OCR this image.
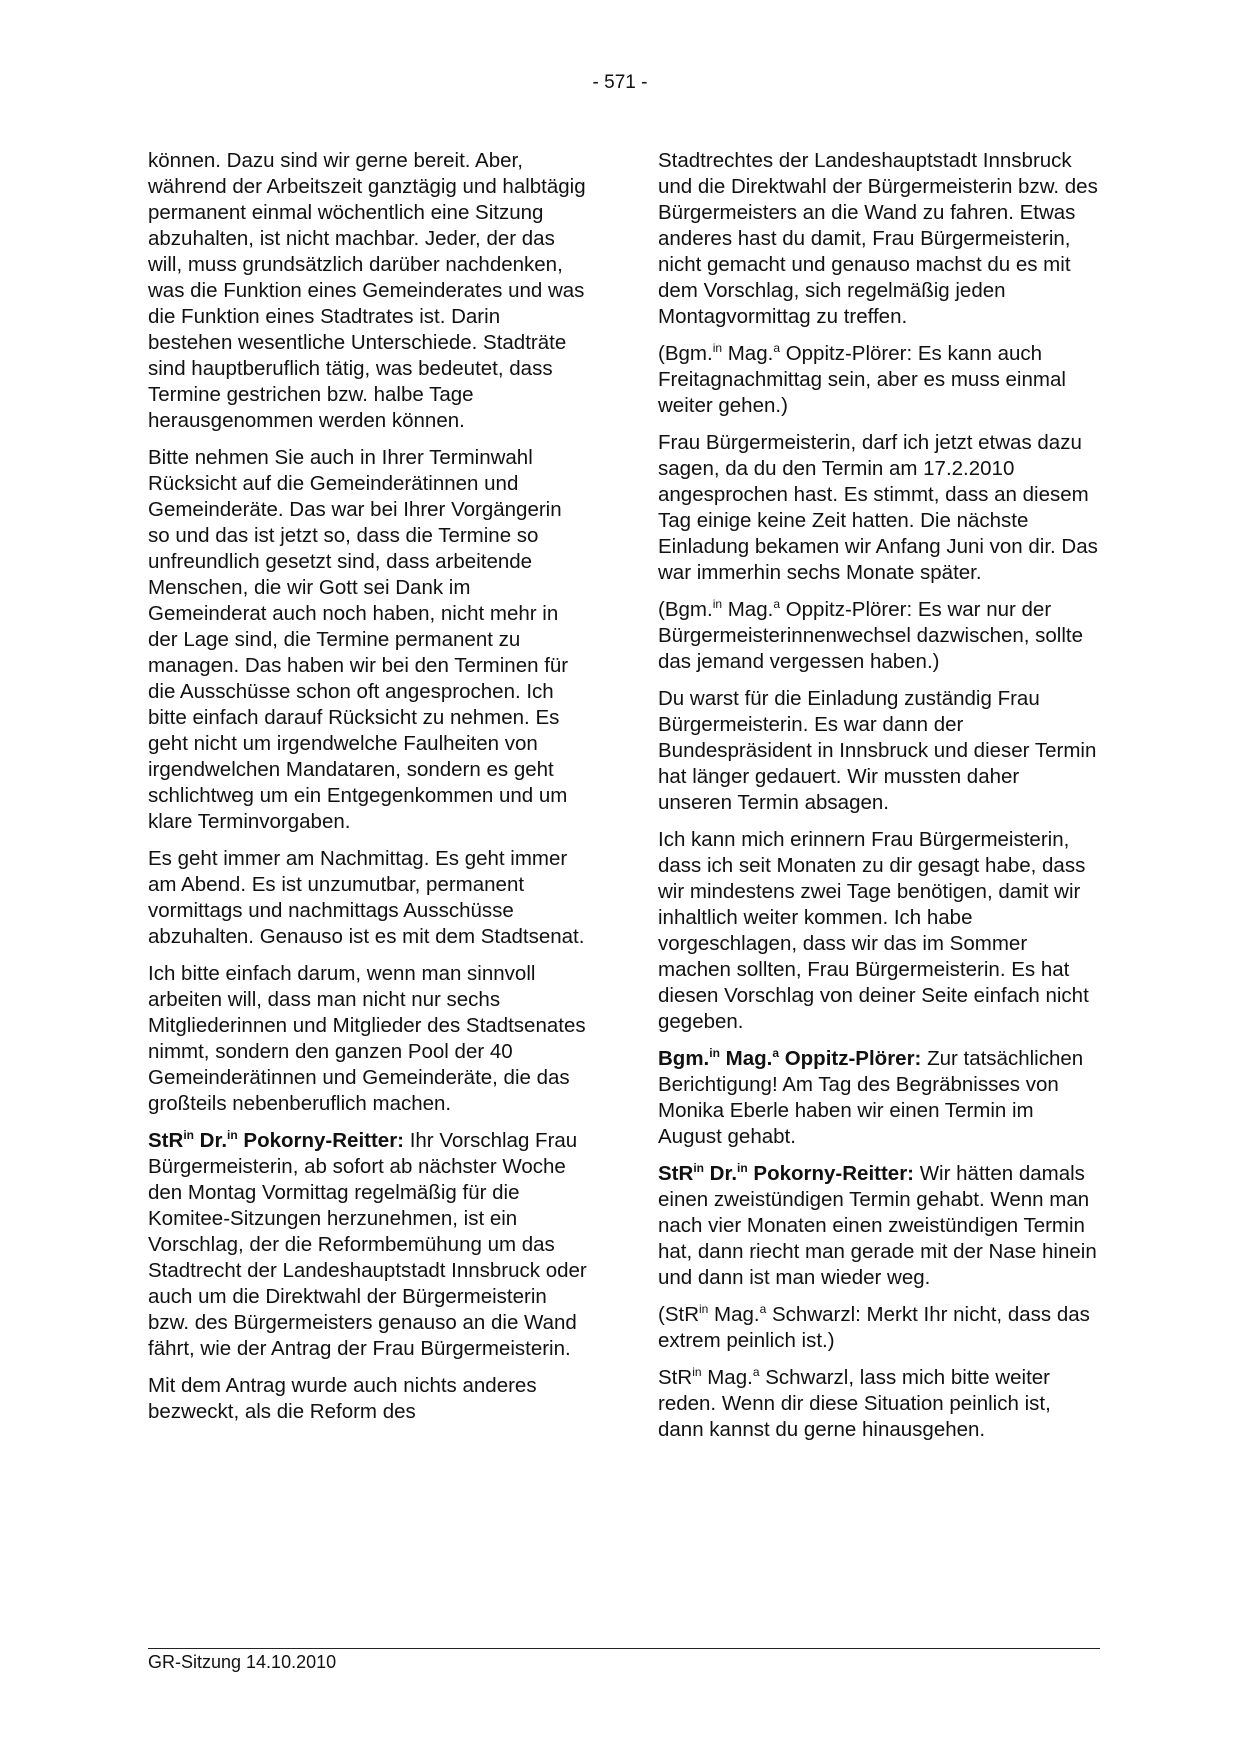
- 571 -

können. Dazu sind wir gerne bereit. Aber, während der Arbeitszeit ganztägig und halbtägig permanent einmal wöchentlich eine Sitzung abzuhalten, ist nicht machbar. Jeder, der das will, muss grundsätzlich darüber nachdenken, was die Funktion eines Gemeinderates und was die Funktion eines Stadtrates ist. Darin bestehen wesentliche Unterschiede. Stadträte sind hauptberuflich tätig, was bedeutet, dass Termine gestrichen bzw. halbe Tage herausgenommen werden können.

Bitte nehmen Sie auch in Ihrer Terminwahl Rücksicht auf die Gemeinderätinnen und Gemeinderäte. Das war bei Ihrer Vorgängerin so und das ist jetzt so, dass die Termine so unfreundlich gesetzt sind, dass arbeitende Menschen, die wir Gott sei Dank im Gemeinderat auch noch haben, nicht mehr in der Lage sind, die Termine permanent zu managen. Das haben wir bei den Terminen für die Ausschüsse schon oft angesprochen. Ich bitte einfach darauf Rücksicht zu nehmen. Es geht nicht um irgendwelche Faulheiten von irgendwelchen Mandataren, sondern es geht schlichtweg um ein Entgegenkommen und um klare Terminvorgaben.

Es geht immer am Nachmittag. Es geht immer am Abend. Es ist unzumutbar, permanent vormittags und nachmittags Ausschüsse abzuhalten. Genauso ist es mit dem Stadtsenat.

Ich bitte einfach darum, wenn man sinnvoll arbeiten will, dass man nicht nur sechs Mitgliederinnen und Mitglieder des Stadtsenates nimmt, sondern den ganzen Pool der 40 Gemeinderätinnen und Gemeinderäte, die das großteils nebenberuflich machen.

StR$^{in}$ Dr.$^{in}$ Pokorny-Reitter: Ihr Vorschlag Frau Bürgermeisterin, ab sofort ab nächster Woche den Montag Vormittag regelmäßig für die Komitee-Sitzungen herzunehmen, ist ein Vorschlag, der die Reformbemühung um das Stadtrecht der Landeshauptstadt Innsbruck oder auch um die Direktwahl der Bürgermeisterin bzw. des Bürgermeisters genauso an die Wand fährt, wie der Antrag der Frau Bürgermeisterin.

Mit dem Antrag wurde auch nichts anderes bezweckt, als die Reform des

Stadtrechtes der Landeshauptstadt Innsbruck und die Direktwahl der Bürgermeisterin bzw. des Bürgermeisters an die Wand zu fahren. Etwas anderes hast du damit, Frau Bürgermeisterin, nicht gemacht und genauso machst du es mit dem Vorschlag, sich regelmäßig jeden Montagvormittag zu treffen.

(Bgm.$^{in}$ Mag.$^a$ Oppitz-Plörer: Es kann auch Freitagnachmittag sein, aber es muss einmal weiter gehen.)

Frau Bürgermeisterin, darf ich jetzt etwas dazu sagen, da du den Termin am 17.2.2010 angesprochen hast. Es stimmt, dass an diesem Tag einige keine Zeit hatten. Die nächste Einladung bekamen wir Anfang Juni von dir. Das war immerhin sechs Monate später.

(Bgm.$^{in}$ Mag.$^a$ Oppitz-Plörer: Es war nur der Bürgermeisterinnenwechsel dazwischen, sollte das jemand vergessen haben.)

Du warst für die Einladung zuständig Frau Bürgermeisterin. Es war dann der Bundespräsident in Innsbruck und dieser Termin hat länger gedauert. Wir mussten daher unseren Termin absagen.

Ich kann mich erinnern Frau Bürgermeisterin, dass ich seit Monaten zu dir gesagt habe, dass wir mindestens zwei Tage benötigen, damit wir inhaltlich weiter kommen. Ich habe vorgeschlagen, dass wir das im Sommer machen sollten, Frau Bürgermeisterin. Es hat diesen Vorschlag von deiner Seite einfach nicht gegeben.

Bgm.$^{in}$ Mag.$^a$ Oppitz-Plörer: Zur tatsächlichen Berichtigung! Am Tag des Begräbnisses von Monika Eberle haben wir einen Termin im August gehabt.

StR$^{in}$ Dr.$^{in}$ Pokorny-Reitter: Wir hätten damals einen zweistündigen Termin gehabt. Wenn man nach vier Monaten einen zweistündigen Termin hat, dann riecht man gerade mit der Nase hinein und dann ist man wieder weg.

(StR$^{in}$ Mag.$^a$ Schwarzl: Merkt Ihr nicht, dass das extrem peinlich ist.)

StR$^{in}$ Mag.$^a$ Schwarzl, lass mich bitte weiter reden. Wenn dir diese Situation peinlich ist, dann kannst du gerne hinausgehen.

GR-Sitzung 14.10.2010
